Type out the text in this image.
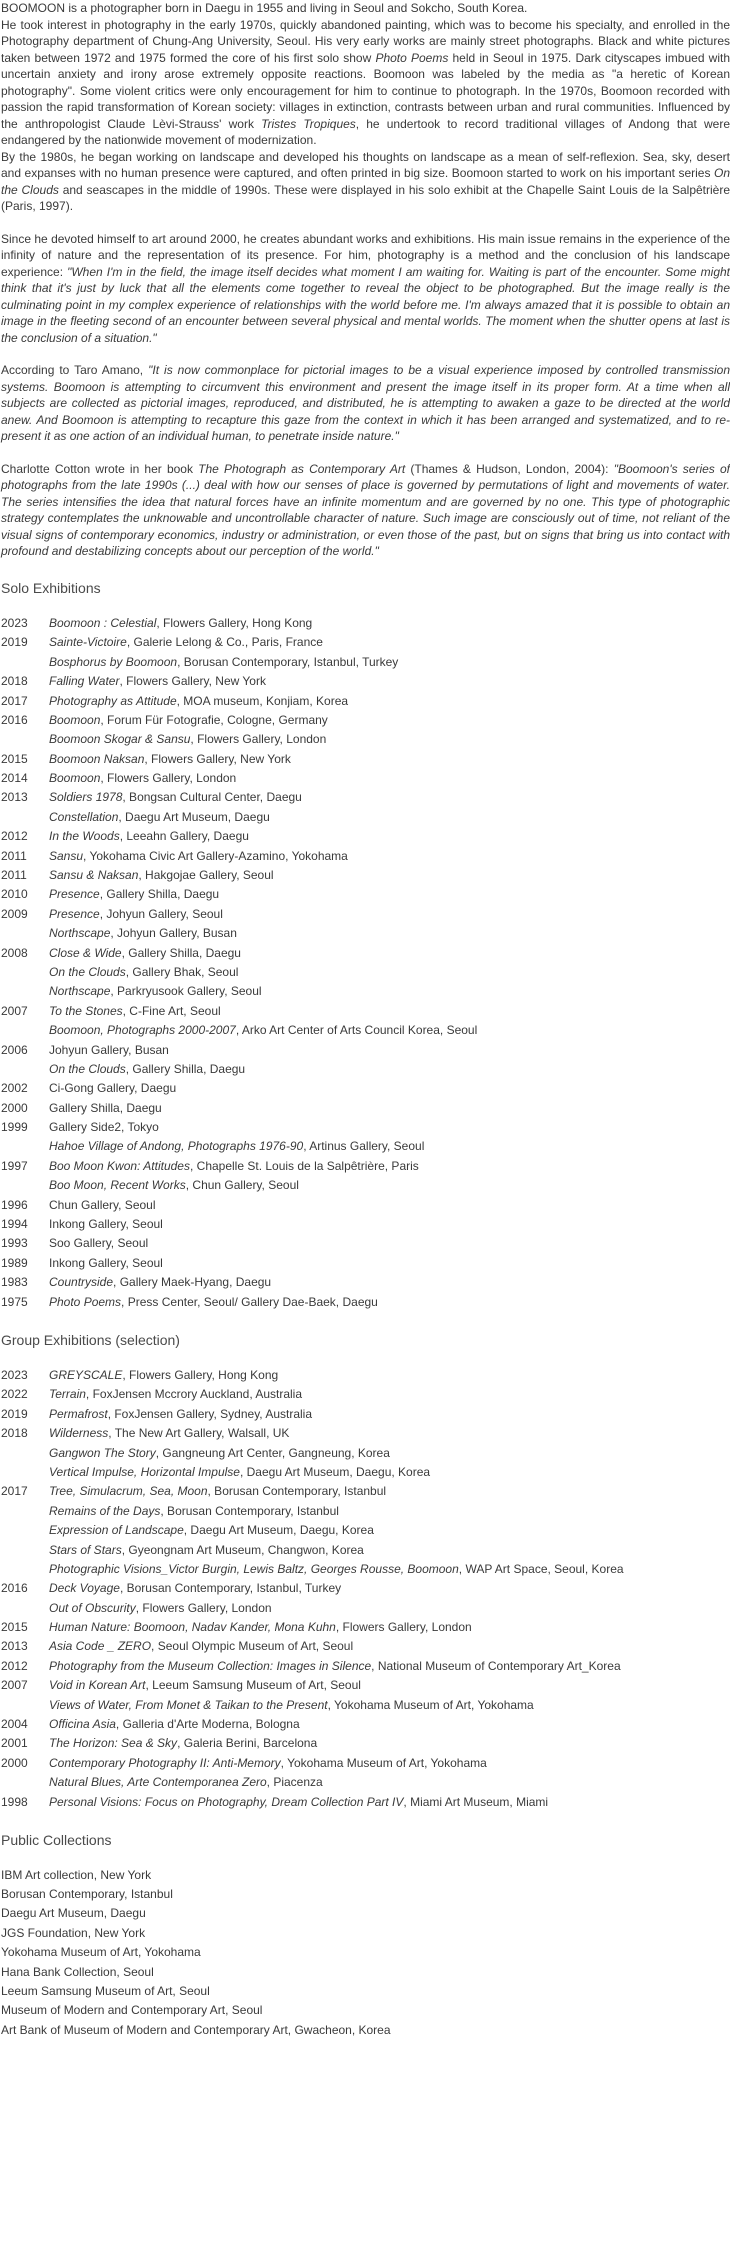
BOOMOON is a photographer born in Daegu in 1955 and living in Seoul and Sokcho, South Korea.

He took interest in photography in the early 1970s, quickly abandoned painting, which was to become his specialty, and enrolled in the Photography department of Chung-Ang University, Seoul. His very early works are mainly street photographs. Black and white pictures taken between 1972 and 1975 formed the core of his first solo show Photo Poems held in Seoul in 1975. Dark cityscapes imbued with uncertain anxiety and irony arose extremely opposite reactions. Boomoon was labeled by the media as "a heretic of Korean photography". Some violent critics were only encouragement for him to continue to photograph. In the 1970s, Boomoon recorded with passion the rapid transformation of Korean society: villages in extinction, contrasts between urban and rural communities. Influenced by the anthropologist Claude Lèvi-Strauss' work Tristes Tropiques, he undertook to record traditional villages of Andong that were endangered by the nationwide movement of modernization.

By the 1980s, he began working on landscape and developed his thoughts on landscape as a mean of self-reflexion. Sea, sky, desert and expanses with no human presence were captured, and often printed in big size. Boomoon started to work on his important series On the Clouds and seascapes in the middle of 1990s. These were displayed in his solo exhibit at the Chapelle Saint Louis de la Salpêtrière (Paris, 1997).

Since he devoted himself to art around 2000, he creates abundant works and exhibitions. His main issue remains in the experience of the infinity of nature and the representation of its presence. For him, photography is a method and the conclusion of his landscape experience: "When I'm in the field, the image itself decides what moment I am waiting for. Waiting is part of the encounter. Some might think that it's just by luck that all the elements come together to reveal the object to be photographed. But the image really is the culminating point in my complex experience of relationships with the world before me. I'm always amazed that it is possible to obtain an image in the fleeting second of an encounter between several physical and mental worlds. The moment when the shutter opens at last is the conclusion of a situation."

According to Taro Amano, "It is now commonplace for pictorial images to be a visual experience imposed by controlled transmission systems. Boomoon is attempting to circumvent this environment and present the image itself in its proper form. At a time when all subjects are collected as pictorial images, reproduced, and distributed, he is attempting to awaken a gaze to be directed at the world anew. And Boomoon is attempting to recapture this gaze from the context in which it has been arranged and systematized, and to re-present it as one action of an individual human, to penetrate inside nature."

Charlotte Cotton wrote in her book The Photograph as Contemporary Art (Thames & Hudson, London, 2004): "Boomoon's series of photographs from the late 1990s (...) deal with how our senses of place is governed by permutations of light and movements of water. The series intensifies the idea that natural forces have an infinite momentum and are governed by no one. This type of photographic strategy contemplates the unknowable and uncontrollable character of nature. Such image are consciously out of time, not reliant of the visual signs of contemporary economics, industry or administration, or even those of the past, but on signs that bring us into contact with profound and destabilizing concepts about our perception of the world."

Solo Exhibitions
2023	Boomoon : Celestial, Flowers Gallery, Hong Kong
2019	Sainte-Victoire, Galerie Lelong & Co., Paris, France
Bosphorus by Boomoon, Borusan Contemporary, Istanbul, Turkey
2018	Falling Water, Flowers Gallery, New York
2017	Photography as Attitude, MOA museum, Konjiam, Korea
2016	Boomoon, Forum Für Fotografie, Cologne, Germany
Boomoon Skogar & Sansu, Flowers Gallery, London
2015	Boomoon Naksan, Flowers Gallery, New York
2014	Boomoon, Flowers Gallery, London
2013	Soldiers 1978, Bongsan Cultural Center, Daegu
Constellation, Daegu Art Museum, Daegu
2012	In the Woods, Leeahn Gallery, Daegu
2011	Sansu, Yokohama Civic Art Gallery-Azamino, Yokohama
2011	Sansu & Naksan, Hakgojae Gallery, Seoul
2010	Presence, Gallery Shilla, Daegu
2009	Presence, Johyun Gallery, Seoul
Northscape, Johyun Gallery, Busan
2008	Close & Wide, Gallery Shilla, Daegu
On the Clouds, Gallery Bhak, Seoul
Northscape, Parkryusook Gallery, Seoul
2007	To the Stones, C-Fine Art, Seoul
Boomoon, Photographs 2000-2007, Arko Art Center of Arts Council Korea, Seoul
2006	Johyun Gallery, Busan
On the Clouds, Gallery Shilla, Daegu
2002	Ci-Gong Gallery, Daegu
2000	Gallery Shilla, Daegu
1999	Gallery Side2, Tokyo
Hahoe Village of Andong, Photographs 1976-90, Artinus Gallery, Seoul
1997	Boo Moon Kwon: Attitudes, Chapelle St. Louis de la Salpêtrière, Paris
Boo Moon, Recent Works, Chun Gallery, Seoul
1996	Chun Gallery, Seoul
1994	Inkong Gallery, Seoul
1993	Soo Gallery, Seoul
1989	Inkong Gallery, Seoul
1983	Countryside, Gallery Maek-Hyang, Daegu
1975	Photo Poems, Press Center, Seoul/ Gallery Dae-Baek, Daegu
Group Exhibitions (selection)
2023	GREYSCALE, Flowers Gallery, Hong Kong
2022	Terrain, FoxJensen Mccrory Auckland, Australia
2019	Permafrost, FoxJensen Gallery, Sydney, Australia
2018	Wilderness, The New Art Gallery, Walsall, UK
Gangwon The Story, Gangneung Art Center, Gangneung, Korea
Vertical Impulse, Horizontal Impulse, Daegu Art Museum, Daegu, Korea
2017	Tree, Simulacrum, Sea, Moon, Borusan Contemporary, Istanbul
Remains of the Days, Borusan Contemporary, Istanbul
Expression of Landscape, Daegu Art Museum, Daegu, Korea
Stars of Stars, Gyeongnam Art Museum, Changwon, Korea
Photographic Visions_Victor Burgin, Lewis Baltz, Georges Rousse, Boomoon, WAP Art Space, Seoul, Korea
2016	Deck Voyage, Borusan Contemporary, Istanbul, Turkey
Out of Obscurity, Flowers Gallery, London
2015	Human Nature: Boomoon, Nadav Kander, Mona Kuhn, Flowers Gallery, London
2013	Asia Code _ ZERO, Seoul Olympic Museum of Art, Seoul
2012	Photography from the Museum Collection: Images in Silence, National Museum of Contemporary Art_Korea
2007	Void in Korean Art, Leeum Samsung Museum of Art, Seoul
Views of Water, From Monet & Taikan to the Present, Yokohama Museum of Art, Yokohama
2004	Officina Asia, Galleria d'Arte Moderna, Bologna
2001	The Horizon: Sea & Sky, Galeria Berini, Barcelona
2000	Contemporary Photography II: Anti-Memory, Yokohama Museum of Art, Yokohama
Natural Blues, Arte Contemporanea Zero, Piacenza
1998	Personal Visions: Focus on Photography, Dream Collection Part IV, Miami Art Museum, Miami
Public Collections
IBM Art collection, New York
Borusan Contemporary, Istanbul
Daegu Art Museum, Daegu
JGS Foundation, New York
Yokohama Museum of Art, Yokohama
Hana Bank Collection, Seoul
Leeum Samsung Museum of Art, Seoul
Museum of Modern and Contemporary Art, Seoul
Art Bank of Museum of Modern and Contemporary Art, Gwacheon, Korea
